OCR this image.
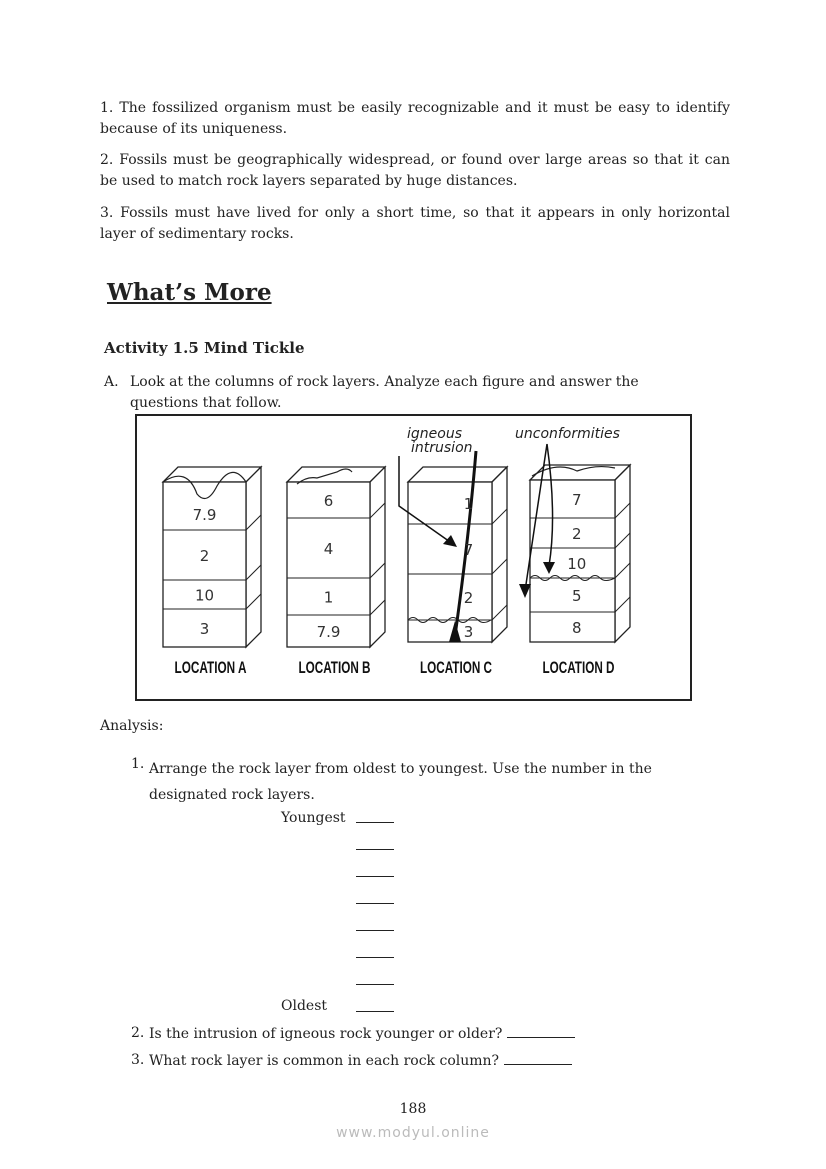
1. The fossilized organism must be easily recognizable and it must be easy to identify because of its uniqueness.
2. Fossils must be geographically widespread, or found over large areas so that it can be used to match rock layers separated by huge distances.
3. Fossils must have lived for only a short time, so that it appears in only horizontal layer of sedimentary rocks.
What’s More
Activity 1.5 Mind Tickle
A. Look at the columns of rock layers. Analyze each figure and answer the questions that follow.
LOCATION A	LOCATION B	LOCATION C	LOCATION D
igneous
intrusion
unconformities
7.9
2
10
3
6
4
1
7.9
1
7
2
3
7
2
10
5
8
Analysis:
1. Arrange the rock layer from oldest to youngest. Use the number in the designated rock layers.
Youngest
Oldest
2. Is the intrusion of igneous rock younger or older?
3. What rock layer is common in each rock column?
188
www.modyul.online
